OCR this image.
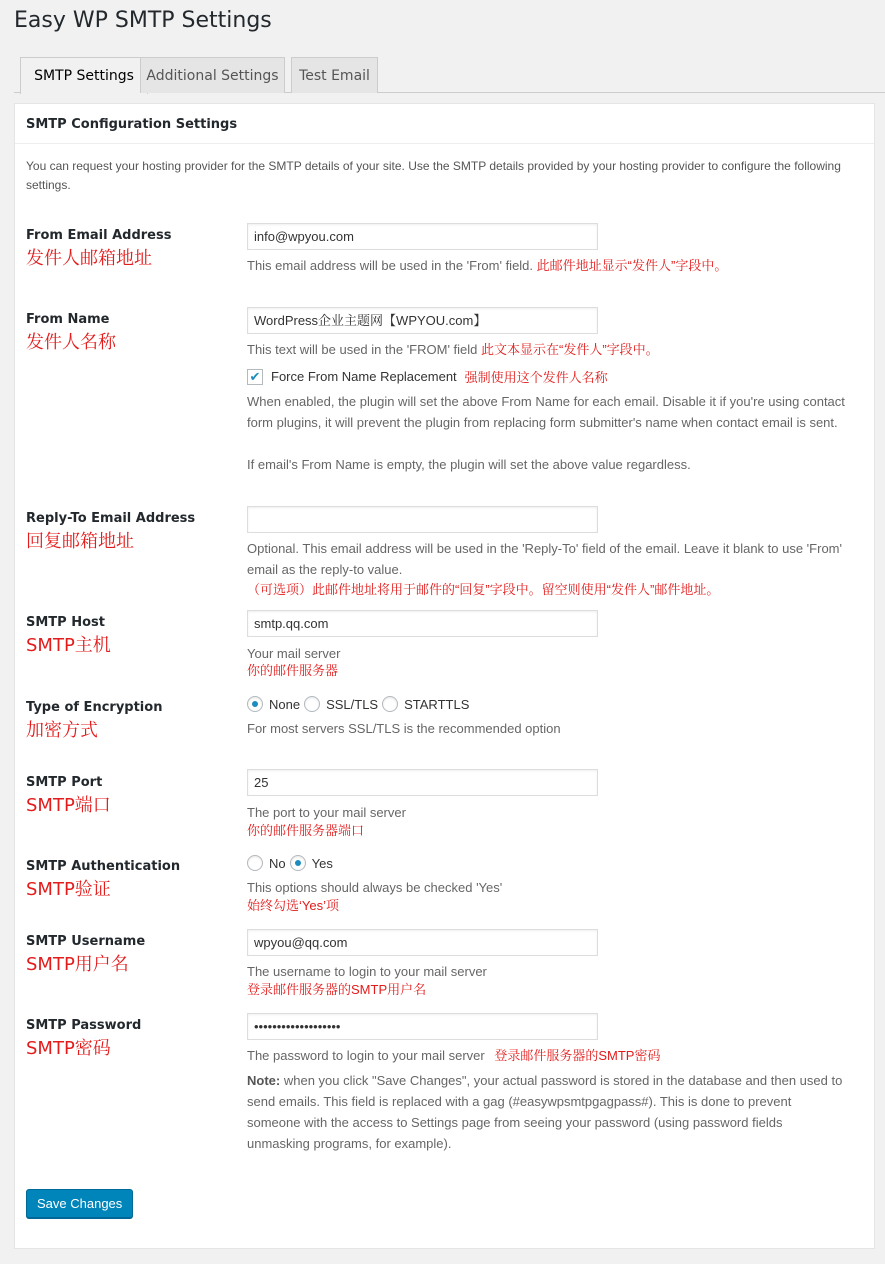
Easy WP SMTP Settings
SMTP Settings Additional Settings	Test Email
SMTP Configuration Settings
You can request your hosting provider for the SMTP details of your site. Use the SMTP details provided by your hosting provider to configure the following settings.
From Email Address
发件人邮箱地址
info@wpyou.com
This email address will be used in the 'From' field. 此邮件地址显示“发件人”字段中。
From Name
发件人名称
WordPress企业主题网【WPYOU.com】
This text will be used in the 'FROM' field 此文本显示在“发件人”字段中。
✔ Force From Name Replacement 强制使用这个发件人名称
When enabled, the plugin will set the above From Name for each email. Disable it if you're using contact form plugins, it will prevent the plugin from replacing form submitter's name when contact email is sent.
If email's From Name is empty, the plugin will set the above value regardless.
Reply-To Email Address
回复邮箱地址	Optional. This email address will be used in the 'Reply-To' field of the email. Leave it blank to use 'From' email as the reply-to value.
（可选项）此邮件地址将用于邮件的“回复”字段中。留空则使用“发件人”邮件地址。
SMTP Host
SMTP主机
smtp.qq.com
Your mail server
你的邮件服务器
Type of Encryption
加密方式
None SSL/TLS STARTTLS
For most servers SSL/TLS is the recommended option
SMTP Port
SMTP端口
25
The port to your mail server
你的邮件服务器端口
SMTP Authentication
SMTP验证
No Yes
This options should always be checked 'Yes'
始终勾选‘Yes’项
SMTP Username
SMTP用户名
wpyou@qq.com
The username to login to your mail server
登录邮件服务器的SMTP用户名
SMTP Password
SMTP密码
•••••••••••••••••••
The password to login to your mail server 登录邮件服务器的SMTP密码
Note: when you click "Save Changes", your actual password is stored in the database and then used to send emails. This field is replaced with a gag (#easywpsmtpgagpass#). This is done to prevent someone with the access to Settings page from seeing your password (using password fields unmasking programs, for example).
Save Changes
